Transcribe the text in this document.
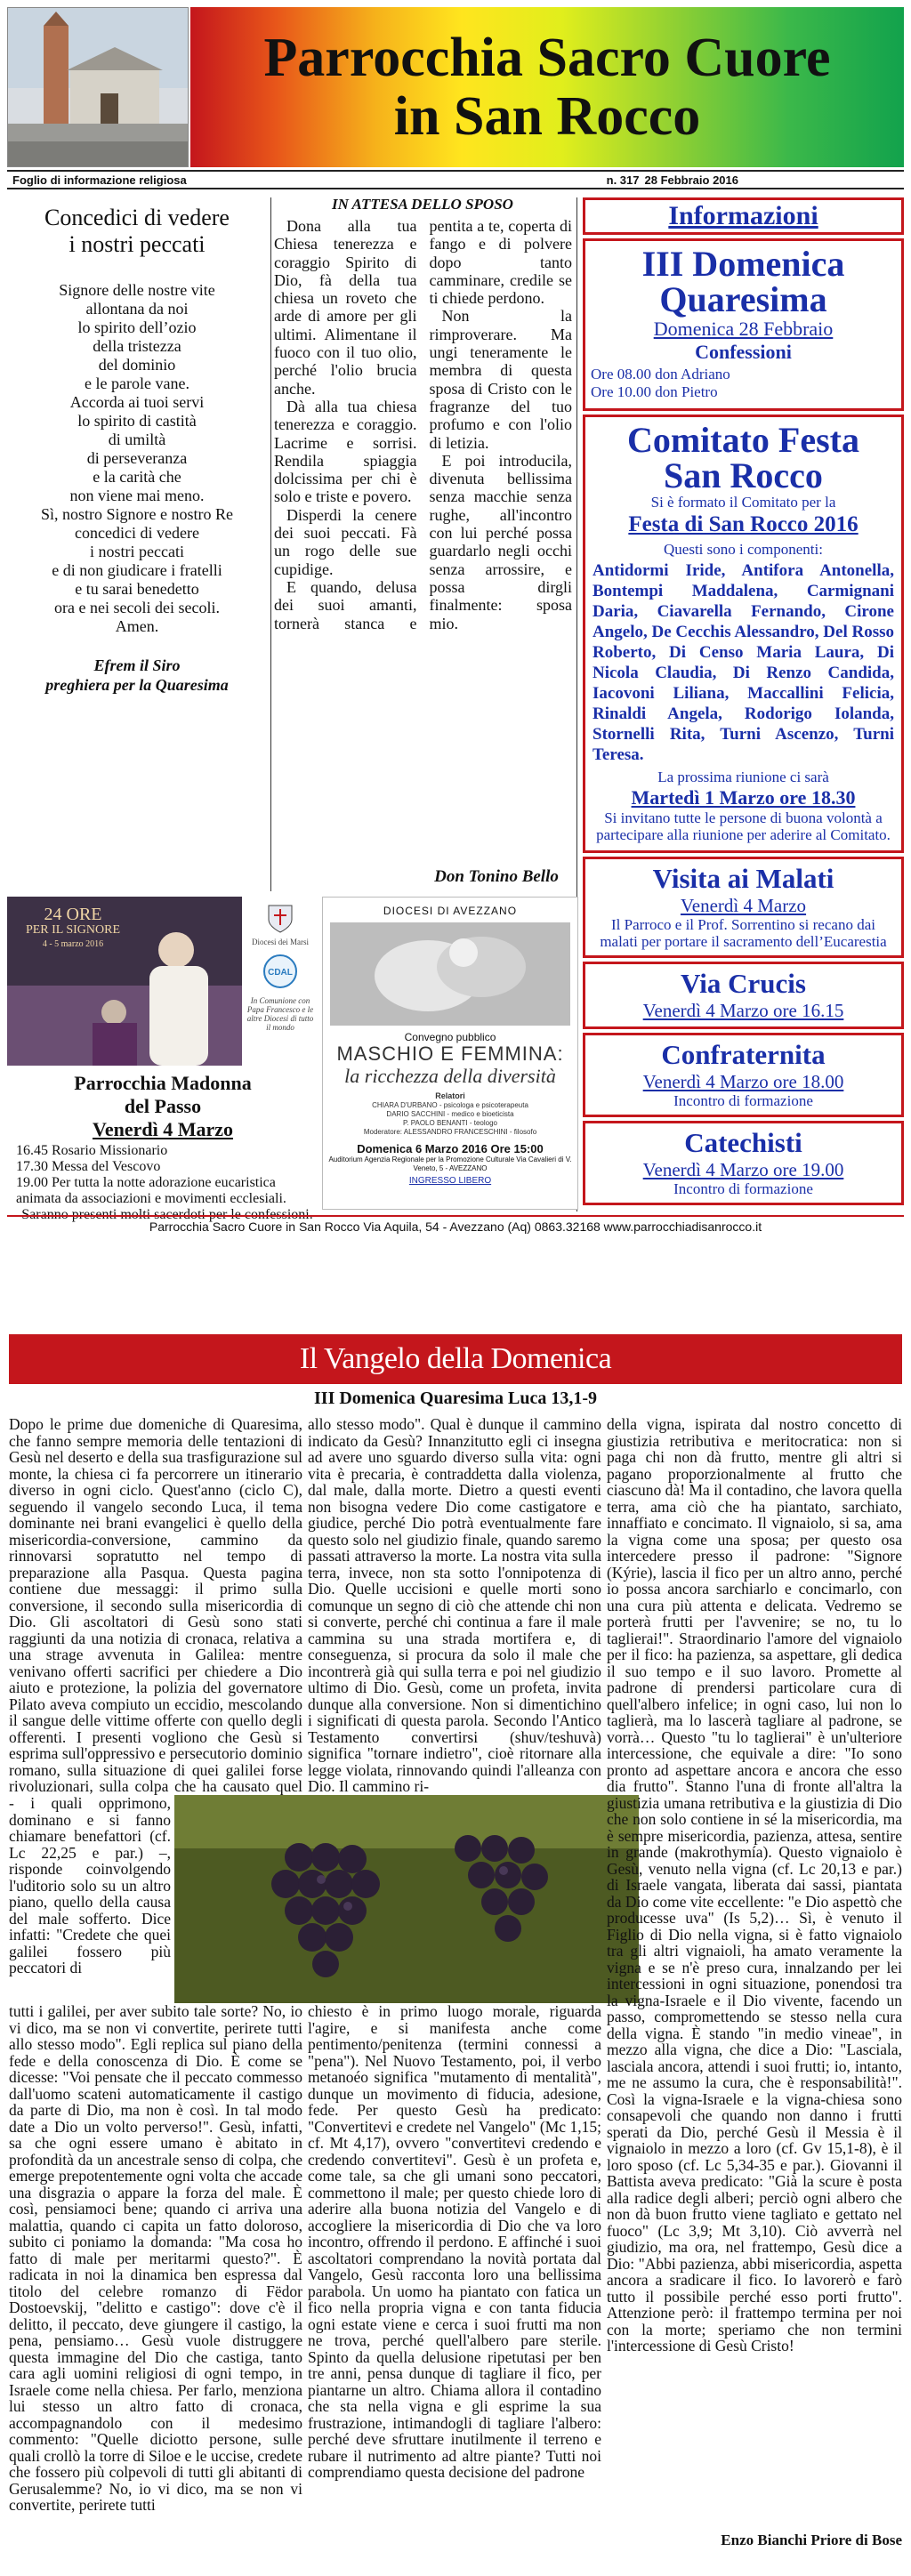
Parrocchia Sacro Cuore
in San Rocco
Foglio di informazione religiosa	n. 317 28 Febbraio 2016
Concedici di vedere
i nostri peccati
Signore delle nostre vite
allontana da noi
lo spirito dell’ozio
della tristezza
del dominio
e le parole vane.
Accorda ai tuoi servi
lo spirito di castità
di umiltà
di perseveranza
e la carità che
non viene mai meno.
Sì, nostro Signore e nostro Re
concedici di vedere
i nostri peccati
e di non giudicare i fratelli
e tu sarai benedetto
ora e nei secoli dei secoli.
Amen.
Efrem il Siro
preghiera per la Quaresima
IN ATTESA DELLO SPOSO

Dona alla tua Chiesa tenerezza e coraggio Spirito di Dio, fà della tua chiesa un roveto che arde di amore per gli ultimi. Alimentane il fuoco con il tuo olio, perché l'olio brucia anche.

Dà alla tua chiesa tenerezza e coraggio. Lacrime e sorrisi. Rendila spiaggia dolcissima per chi è solo e triste e povero.

Disperdi la cenere dei suoi peccati. Fà un rogo delle sue cupidige.

E quando, delusa dei suoi amanti, tornerà stanca e pentita a te, coperta di fango e di polvere dopo tanto camminare, credile se ti chiede perdono.

Non la rimproverare. Ma ungi teneramente le membra di questa sposa di Cristo con le fragranze del tuo profumo e con l'olio di letizia.

E poi introducila, divenuta bellissima senza macchie senza rughe, all'incontro con lui perché possa guardarlo negli occhi senza arrossire, e possa dirgli finalmente: sposa mio.

Don Tonino Bello
Informazioni
III Domenica
Quaresima
Domenica 28 Febbraio
Confessioni
Ore 08.00 don Adriano
Ore 10.00 don Pietro
Comitato Festa
San Rocco
Si è formato il Comitato per la
Festa di San Rocco 2016
Questi sono i componenti:
Antidormi Iride, Antifora Antonella, Bontempi Maddalena, Carmignani Daria, Ciavarella Fernando, Cirone Angelo, De Cecchis Alessandro, Del Rosso Roberto, Di Censo Maria Laura, Di Nicola Claudia, Di Renzo Candida, Iacovoni Liliana, Maccallini Felicia, Rinaldi Angela, Rodorigo Iolanda, Stornelli Rita, Turni Ascenzo, Turni Teresa.
La prossima riunione ci sarà
Martedì 1 Marzo ore 18.30
Si invitano tutte le persone di buona volontà a partecipare alla riunione per aderire al Comitato.
Visita ai Malati
Venerdì 4 Marzo
Il Parroco e il Prof. Sorrentino si recano dai malati per portare il sacramento dell’Eucarestia
Via Crucis
Venerdì 4 Marzo ore 16.15
Confraternita
Venerdì 4 Marzo ore 18.00
Incontro di formazione
Catechisti
Venerdì 4 Marzo ore 19.00
Incontro di formazione
24 ORE
PER IL SIGNORE
4 - 5 marzo 2016	Diocesi dei Marsi
CDAL
In Comunione con Papa Francesco e le altre Diocesi di tutto il mondo
Parrocchia Madonna
del Passo
Venerdì 4 Marzo
16.45 Rosario Missionario
17.30 Messa del Vescovo
19.00 Per tutta la notte adorazione eucaristica animata da associazioni e movimenti ecclesiali.
Saranno presenti molti sacerdoti per le confessioni.
DIOCESI DI AVEZZANO
Convegno pubblico
MASCHIO E FEMMINA:
la ricchezza della diversità
Relatori
CHIARA D'URBANO - psicologa e psicoterapeuta
DARIO SACCHINI - medico e bioeticista
P. PAOLO BENANTI - teologo
Moderatore: ALESSANDRO FRANCESCHINI - filosofo
Domenica 6 Marzo 2016 Ore 15:00
Auditorium Agenzia Regionale per la Promozione Culturale Via Cavalieri di V. Veneto, 5 - AVEZZANO
INGRESSO LIBERO
Parrocchia Sacro Cuore in San Rocco Via Aquila, 54 - Avezzano (Aq) 0863.32168 www.parrocchiadisanrocco.it
Il Vangelo della Domenica
III Domenica Quaresima Luca 13,1-9
Dopo le prime due domeniche di Quaresima, che fanno sempre memoria delle tentazioni di Gesù nel deserto e della sua trasfigurazione sul monte, la chiesa ci fa percorrere un itinerario diverso in ogni ciclo. Quest'anno (ciclo C), seguendo il vangelo secondo Luca, il tema dominante nei brani evangelici è quello della misericordia-conversione, cammino da rinnovarsi sopratutto nel tempo di preparazione alla Pasqua. Questa pagina contiene due messaggi: il primo sulla conversione, il secondo sulla misericordia di Dio. Gli ascoltatori di Gesù sono stati raggiunti da una notizia di cronaca, relativa a una strage avvenuta in Galilea: mentre venivano offerti sacrifici per chiedere a Dio aiuto e protezione, la polizia del governatore Pilato aveva compiuto un eccidio, mescolando il sangue delle vittime offerte con quello degli offerenti. I presenti vogliono che Gesù si esprima sull'oppressivo e persecutorio dominio romano, sulla situazione di quei galilei forse rivoluzionari, sulla colpa che ha causato quel
allo stesso modo". Qual è dunque il cammino indicato da Gesù? Innanzitutto egli ci insegna ad avere uno sguardo diverso sulla vita: ogni vita è precaria, è contraddetta dalla violenza, dal male, dalla morte. Dietro a questi eventi non bisogna vedere Dio come castigatore e giudice, perché Dio potrà eventualmente fare questo solo nel giudizio finale, quando saremo passati attraverso la morte. La nostra vita sulla terra, invece, non sta sotto l'onnipotenza di Dio. Quelle uccisioni e quelle morti sono comunque un segno di ciò che attende chi non si converte, perché chi continua a fare il male cammina su una strada mortifera e, di conseguenza, si procura da solo il male che incontrerà già qui sulla terra e poi nel giudizio ultimo di Dio. Gesù, come un profeta, invita dunque alla conversione. Non si dimentichino i significati di questa parola. Secondo l'Antico Testamento convertirsi (shuv/teshuvà) significa "tornare indietro", cioè ritornare alla legge violata, rinnovando quindi l'alleanza con Dio. Il cammino ri-
- i quali opprimono, dominano e si fanno chiamare benefattori (cf. Lc 22,25 e par.) –, risponde coinvolgendo l'uditorio solo su un altro piano, quello della causa del male sofferto. Dice infatti: "Credete che quei galilei fossero più peccatori di
tutti i galilei, per aver subito tale sorte? No, io vi dico, ma se non vi convertite, perirete tutti allo stesso modo". Egli replica sul piano della fede e della conoscenza di Dio. È come se dicesse: "Voi pensate che il peccato commesso dall'uomo scateni automaticamente il castigo da parte di Dio, ma non è così. In tal modo date a Dio un volto perverso!". Gesù, infatti, sa che ogni essere umano è abitato in profondità da un ancestrale senso di colpa, che emerge prepotentemente ogni volta che accade una disgrazia o appare la forza del male. È così, pensiamoci bene; quando ci arriva una malattia, quando ci capita un fatto doloroso, subito ci poniamo la domanda: "Ma cosa ho fatto di male per meritarmi questo?". È radicata in noi la dinamica ben espressa dal titolo del celebre romanzo di Fëdor Dostoevskij, "delitto e castigo": dove c'è il delitto, il peccato, deve giungere il castigo, la pena, pensiamo… Gesù vuole distruggere questa immagine del Dio che castiga, tanto cara agli uomini religiosi di ogni tempo, in Israele come nella chiesa. Per farlo, menziona lui stesso un altro fatto di cronaca, accompagnandolo con il medesimo commento: "Quelle diciotto persone, sulle quali crollò la torre di Siloe e le uccise, credete che fossero più colpevoli di tutti gli abitanti di Gerusalemme? No, io vi dico, ma se non vi convertite, perirete tutti
chiesto è in primo luogo morale, riguarda l'agire, e si manifesta anche come pentimento/penitenza (termini connessi a "pena"). Nel Nuovo Testamento, poi, il verbo metanoéo significa "mutamento di mentalità", dunque un movimento di fiducia, adesione, fede. Per questo Gesù ha predicato: "Convertitevi e credete nel Vangelo" (Mc 1,15; cf. Mt 4,17), ovvero "convertitevi credendo e credendo convertitevi". Gesù è un profeta e, come tale, sa che gli umani sono peccatori, commettono il male; per questo chiede loro di aderire alla buona notizia del Vangelo e di accogliere la misericordia di Dio che va loro incontro, offrendo il perdono. E affinché i suoi ascoltatori comprendano la novità portata dal Vangelo, Gesù racconta loro una bellissima parabola. Un uomo ha piantato con fatica un fico nella propria vigna e con tanta fiducia ogni estate viene e cerca i suoi frutti ma non ne trova, perché quell'albero pare sterile. Spinto da quella delusione ripetutasi per ben tre anni, pensa dunque di tagliare il fico, per piantarne un altro. Chiama allora il contadino che sta nella vigna e gli esprime la sua frustrazione, intimandogli di tagliare l'albero: perché deve sfruttare inutilmente il terreno e rubare il nutrimento ad altre piante? Tutti noi comprendiamo questa decisione del padrone
della vigna, ispirata dal nostro concetto di giustizia retributiva e meritocratica: non si paga chi non dà frutto, mentre gli altri si pagano proporzionalmente al frutto che ciascuno dà! Ma il contadino, che lavora quella terra, ama ciò che ha piantato, sarchiato, innaffiato e concimato. Il vignaiolo, si sa, ama la vigna come una sposa; per questo osa intercedere presso il padrone: "Signore (Kýrie), lascia il fico per un altro anno, perché io possa ancora sarchiarlo e concimarlo, con una cura più attenta e delicata. Vedremo se porterà frutti per l'avvenire; se no, tu lo taglierai!". Straordinario l'amore del vignaiolo per il fico: ha pazienza, sa aspettare, gli dedica il suo tempo e il suo lavoro. Promette al padrone di prendersi particolare cura di quell'albero infelice; in ogni caso, lui non lo taglierà, ma lo lascerà tagliare al padrone, se vorrà… Questo "tu lo taglierai" è un'ulteriore intercessione, che equivale a dire: "Io sono pronto ad aspettare ancora e ancora che esso dia frutto". Stanno l'una di fronte all'altra la giustizia umana retributiva e la giustizia di Dio che non solo contiene in sé la misericordia, ma è sempre misericordia, pazienza, attesa, sentire in grande (makrothymía). Questo vignaiolo è Gesù, venuto nella vigna (cf. Lc 20,13 e par.) di Israele vangata, liberata dai sassi, piantata da Dio come vite eccellente: "e Dio aspettò che producesse uva" (Is 5,2)… Sì, è venuto il Figlio di Dio nella vigna, si è fatto vignaiolo tra gli altri vignaioli, ha amato veramente la vigna e se n'è preso cura, innalzando per lei intercessioni in ogni situazione, ponendosi tra la vigna-Israele e il Dio vivente, facendo un passo, compromettendo se stesso nella cura della vigna. È stando "in medio vineae", in mezzo alla vigna, che dice a Dio: "Lasciala, lasciala ancora, attendi i suoi frutti; io, intanto, me ne assumo la cura, che è responsabilità!". Così la vigna-Israele e la vigna-chiesa sono consapevoli che quando non danno i frutti sperati da Dio, perché Gesù il Messia è il vignaiolo in mezzo a loro (cf. Gv 15,1-8), è il loro sposo (cf. Lc 5,34-35 e par.). Giovanni il Battista aveva predicato: "Già la scure è posta alla radice degli alberi; perciò ogni albero che non dà buon frutto viene tagliato e gettato nel fuoco" (Lc 3,9; Mt 3,10). Ciò avverrà nel giudizio, ma ora, nel frattempo, Gesù dice a Dio: "Abbi pazienza, abbi misericordia, aspetta ancora a sradicare il fico. Io lavorerò e farò tutto il possibile perché esso porti frutto". Attenzione però: il frattempo termina per noi con la morte; speriamo che non termini l'intercessione di Gesù Cristo!
Enzo Bianchi Priore di Bose
